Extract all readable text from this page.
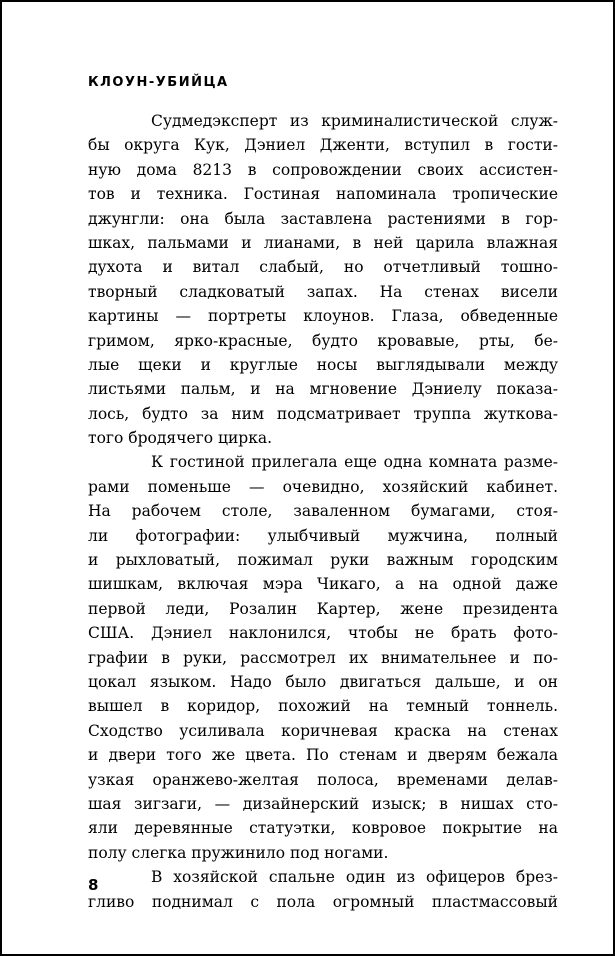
КЛОУН-УБИЙЦА
Судмедэксперт из криминалистической служ-
бы округа Кук, Дэниел Дженти, вступил в гости-
ную дома 8213 в сопровождении своих ассистен-
тов и техника. Гостиная напоминала тропические
джунгли: она была заставлена растениями в гор-
шках, пальмами и лианами, в ней царила влажная
духота и витал слабый, но отчетливый тошно-
творный сладковатый запах. На стенах висели
картины — портреты клоунов. Глаза, обведенные
гримом, ярко-красные, будто кровавые, рты, бе-
лые щеки и круглые носы выглядывали между
листьями пальм, и на мгновение Дэниелу показа-
лось, будто за ним подсматривает труппа жуткова-
того бродячего цирка.
К гостиной прилегала еще одна комната разме-
рами поменьше — очевидно, хозяйский кабинет.
На рабочем столе, заваленном бумагами, стоя-
ли фотографии: улыбчивый мужчина, полный
и рыхловатый, пожимал руки важным городским
шишкам, включая мэра Чикаго, а на одной даже
первой леди, Розалин Картер, жене президента
США. Дэниел наклонился, чтобы не брать фото-
графии в руки, рассмотрел их внимательнее и по-
цокал языком. Надо было двигаться дальше, и он
вышел в коридор, похожий на темный тоннель.
Сходство усиливала коричневая краска на стенах
и двери того же цвета. По стенам и дверям бежала
узкая оранжево-желтая полоса, временами делав-
шая зигзаги, — дизайнерский изыск; в нишах сто-
яли деревянные статуэтки, ковровое покрытие на
полу слегка пружинило под ногами.
В хозяйской спальне один из офицеров брез-
гливо поднимал с пола огромный пластмассовый
8
